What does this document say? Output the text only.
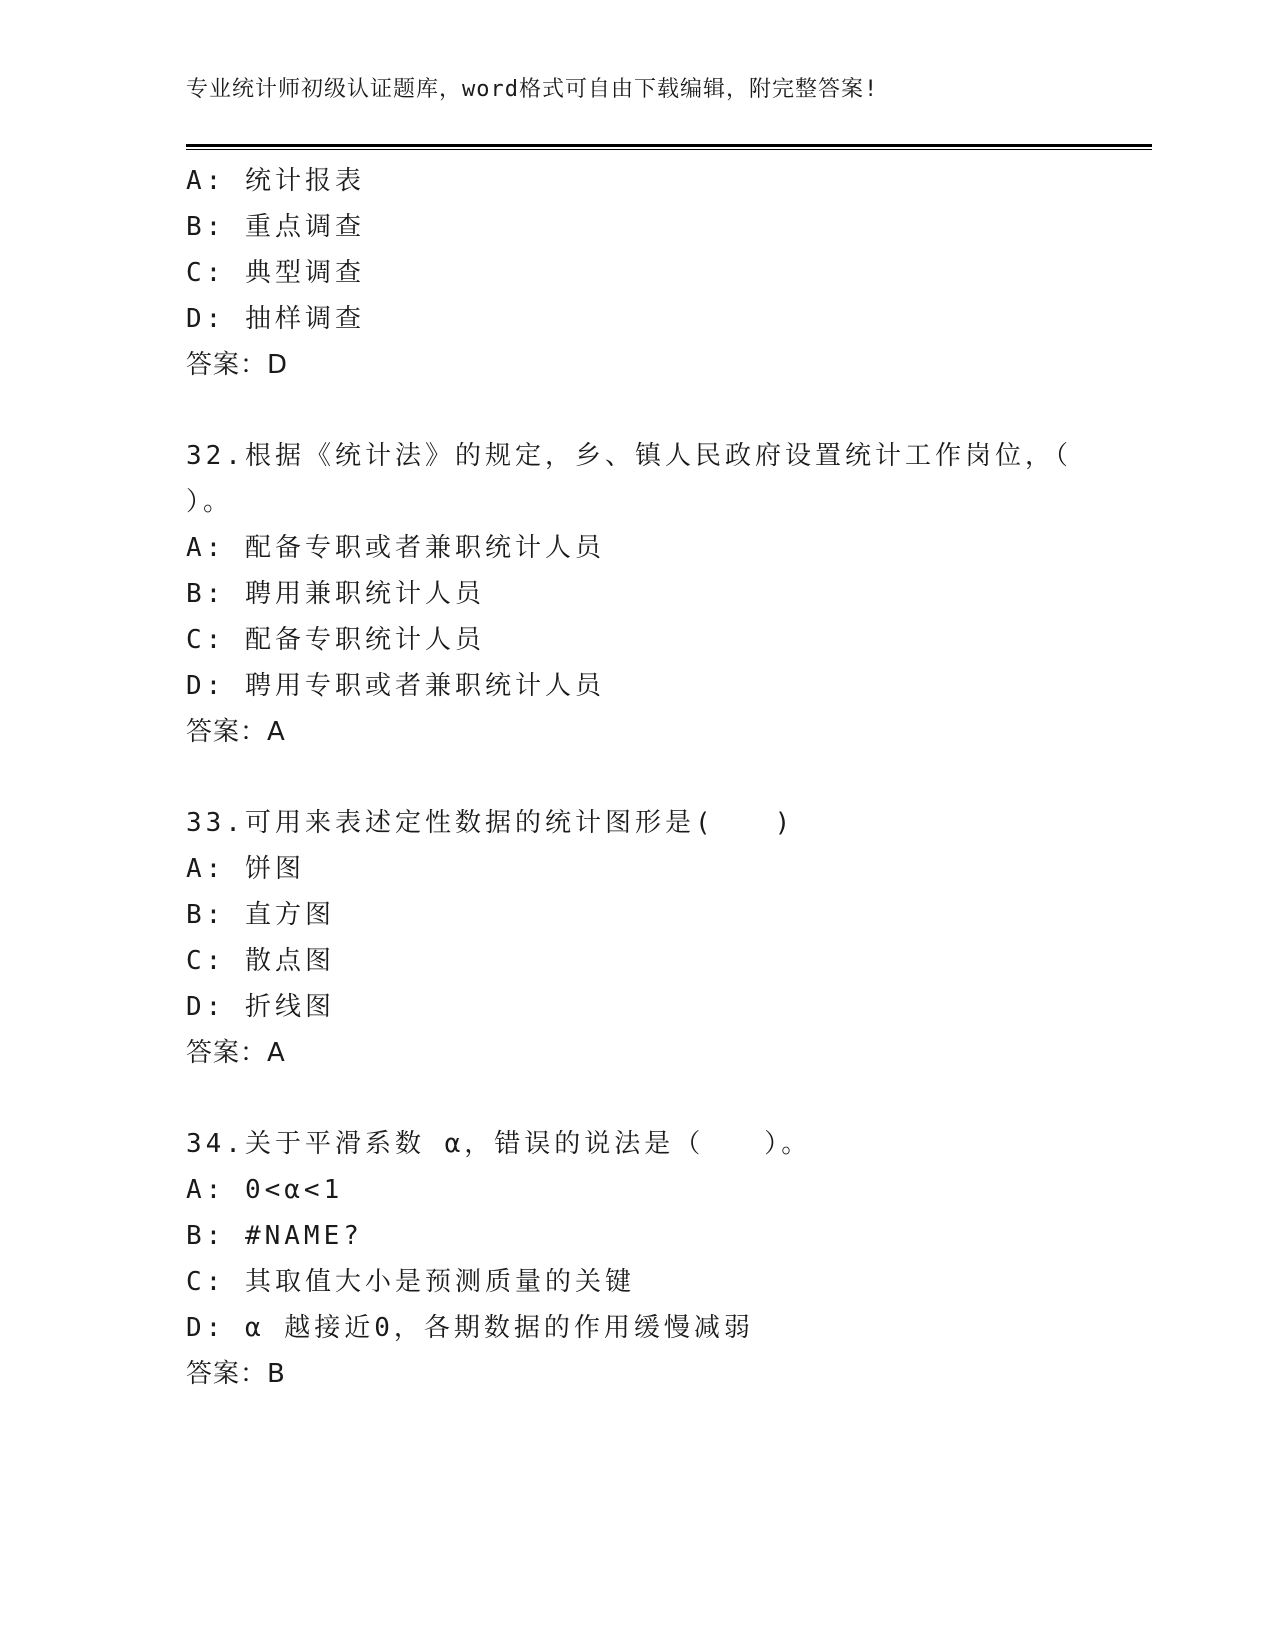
专业统计师初级认证题库，word格式可自由下载编辑，附完整答案!
A: 统计报表
B: 重点调查
C: 典型调查
D: 抽样调查
答案：D
32.根据《统计法》的规定，乡、镇人民政府设置统计工作岗位，（
）。
A: 配备专职或者兼职统计人员
B: 聘用兼职统计人员
C: 配备专职统计人员
D: 聘用专职或者兼职统计人员
答案：A
33.可用来表述定性数据的统计图形是(　　)
A: 饼图
B: 直方图
C: 散点图
D: 折线图
答案：A
34.关于平滑系数 α，错误的说法是（　　）。
A: 0<α<1
B: #NAME?
C: 其取值大小是预测质量的关键
D: α 越接近0，各期数据的作用缓慢减弱
答案：B
